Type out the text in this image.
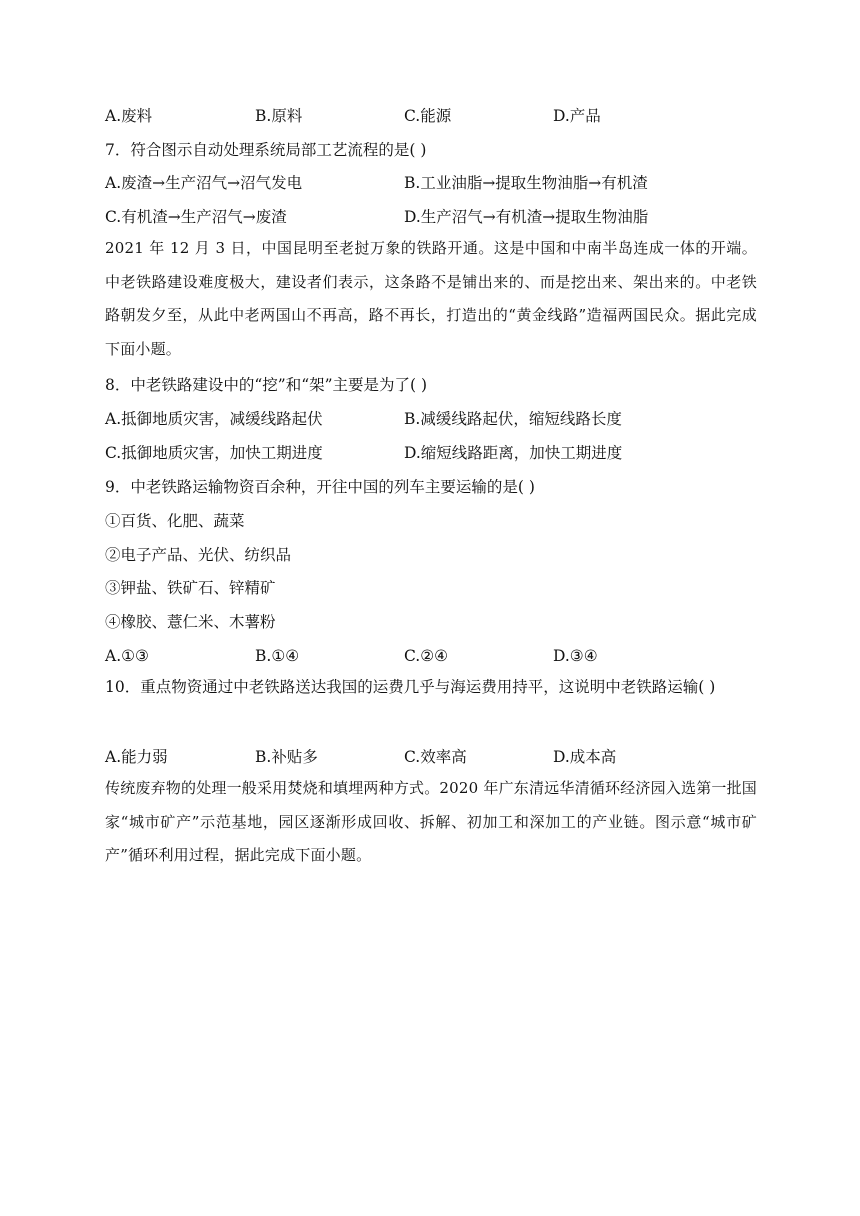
A.废料	B.原料	C.能源	D.产品
7．符合图示自动处理系统局部工艺流程的是( )
A.废渣→生产沼气→沼气发电	B.工业油脂→提取生物油脂→有机渣
C.有机渣→生产沼气→废渣	D.生产沼气→有机渣→提取生物油脂
2021 年 12 月 3 日，中国昆明至老挝万象的铁路开通。这是中国和中南半岛连成一体的开端。中老铁路建设难度极大，建设者们表示，这条路不是铺出来的、而是挖出来、架出来的。中老铁路朝发夕至，从此中老两国山不再高，路不再长，打造出的“黄金线路”造福两国民众。据此完成下面小题。
8．中老铁路建设中的“挖”和“架”主要是为了( )
A.抵御地质灾害，减缓线路起伏	B.减缓线路起伏，缩短线路长度
C.抵御地质灾害，加快工期进度	D.缩短线路距离，加快工期进度
9．中老铁路运输物资百余种，开往中国的列车主要运输的是( )
①百货、化肥、蔬菜
②电子产品、光伏、纺织品
③钾盐、铁矿石、锌精矿
④橡胶、薏仁米、木薯粉
A.①③	B.①④	C.②④	D.③④
10．重点物资通过中老铁路送达我国的运费几乎与海运费用持平，这说明中老铁路运输( )
A.能力弱	B.补贴多	C.效率高	D.成本高
传统废弃物的处理一般采用焚烧和填埋两种方式。2020 年广东清远华清循环经济园入选第一批国家“城市矿产”示范基地，园区逐渐形成回收、拆解、初加工和深加工的产业链。图示意“城市矿产”循环利用过程，据此完成下面小题。
